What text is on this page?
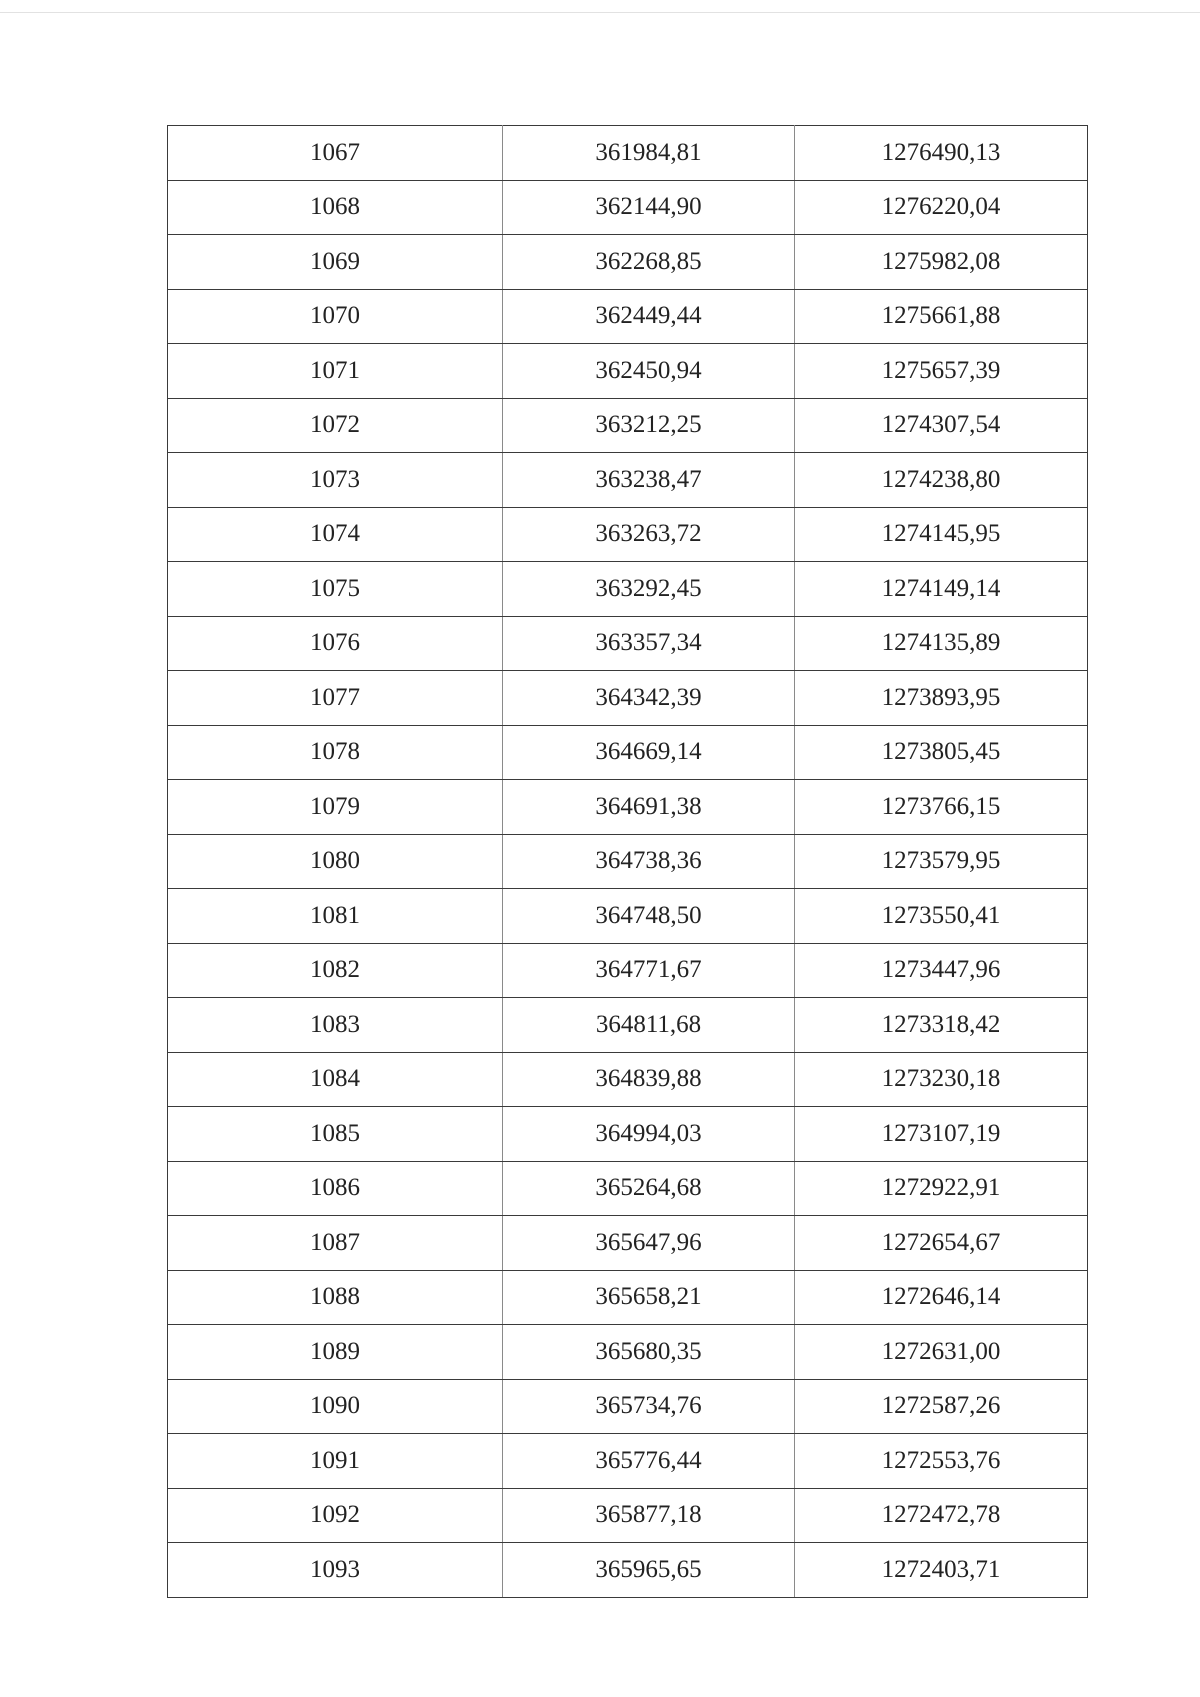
1067	361984,81	1276490,13
1068	362144,90	1276220,04
1069	362268,85	1275982,08
1070	362449,44	1275661,88
1071	362450,94	1275657,39
1072	363212,25	1274307,54
1073	363238,47	1274238,80
1074	363263,72	1274145,95
1075	363292,45	1274149,14
1076	363357,34	1274135,89
1077	364342,39	1273893,95
1078	364669,14	1273805,45
1079	364691,38	1273766,15
1080	364738,36	1273579,95
1081	364748,50	1273550,41
1082	364771,67	1273447,96
1083	364811,68	1273318,42
1084	364839,88	1273230,18
1085	364994,03	1273107,19
1086	365264,68	1272922,91
1087	365647,96	1272654,67
1088	365658,21	1272646,14
1089	365680,35	1272631,00
1090	365734,76	1272587,26
1091	365776,44	1272553,76
1092	365877,18	1272472,78
1093	365965,65	1272403,71
